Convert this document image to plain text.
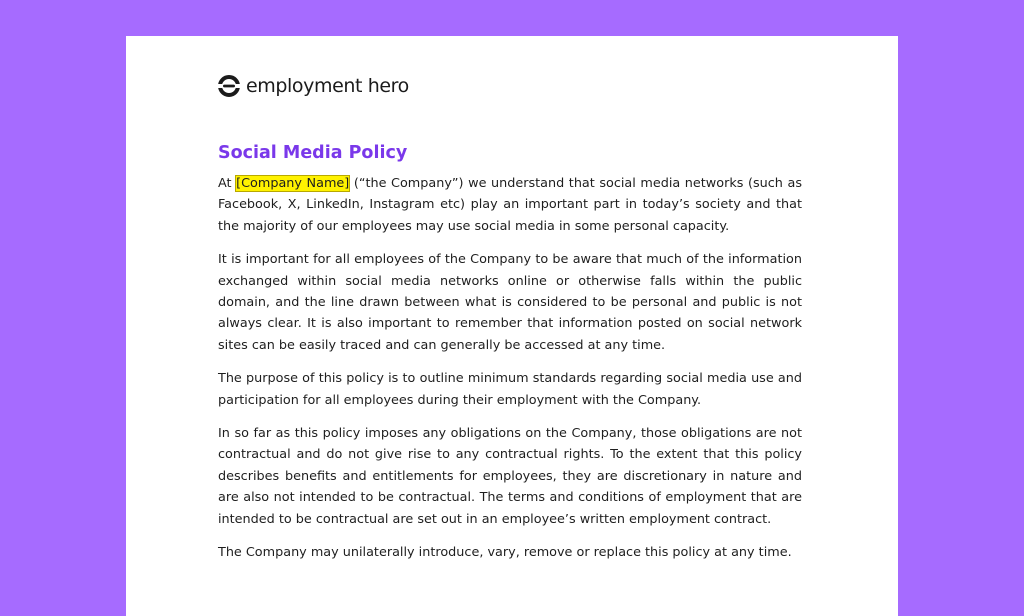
employment hero
Social Media Policy

At [Company Name] (“the Company”) we understand that social media networks (such as Facebook, X, LinkedIn, Instagram etc) play an important part in today’s society and that the majority of our employees may use social media in some personal capacity.

It is important for all employees of the Company to be aware that much of the information exchanged within social media networks online or otherwise falls within the public domain, and the line drawn between what is considered to be personal and public is not always clear. It is also important to remember that information posted on social network sites can be easily traced and can generally be accessed at any time.

The purpose of this policy is to outline minimum standards regarding social media use and participation for all employees during their employment with the Company.

In so far as this policy imposes any obligations on the Company, those obligations are not contractual and do not give rise to any contractual rights. To the extent that this policy describes benefits and entitlements for employees, they are discretionary in nature and are also not intended to be contractual. The terms and conditions of employment that are intended to be contractual are set out in an employee’s written employment contract.

The Company may unilaterally introduce, vary, remove or replace this policy at any time.
